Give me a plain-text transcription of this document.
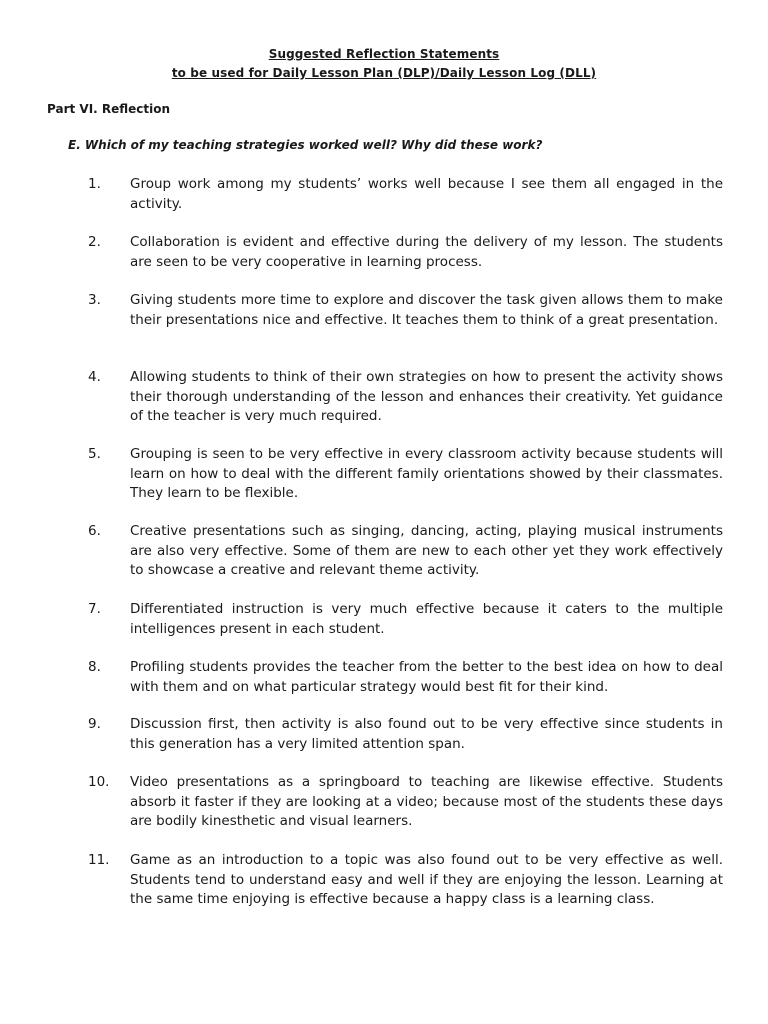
Suggested Reflection Statements
to be used for Daily Lesson Plan (DLP)/Daily Lesson Log (DLL)
Part VI. Reflection
E. Which of my teaching strategies worked well? Why did these work?
1.	Group work among my students’ works well because I see them all engaged in the activity.
2.	Collaboration is evident and effective during the delivery of my lesson. The students are seen to be very cooperative in learning process.
3.	Giving students more time to explore and discover the task given allows them to make their presentations nice and effective. It teaches them to think of a great presentation.
4.	Allowing students to think of their own strategies on how to present the activity shows their thorough understanding of the lesson and enhances their creativity. Yet guidance of the teacher is very much required.
5.	Grouping is seen to be very effective in every classroom activity because students will learn on how to deal with the different family orientations showed by their classmates. They learn to be flexible.
6.	Creative presentations such as singing, dancing, acting, playing musical instruments are also very effective. Some of them are new to each other yet they work effectively to showcase a creative and relevant theme activity.
7.	Differentiated instruction is very much effective because it caters to the multiple intelligences present in each student.
8.	Profiling students provides the teacher from the better to the best idea on how to deal with them and on what particular strategy would best fit for their kind.
9.	Discussion first, then activity is also found out to be very effective since students in this generation has a very limited attention span.
10.	Video presentations as a springboard to teaching are likewise effective. Students absorb it faster if they are looking at a video; because most of the students these days are bodily kinesthetic and visual learners.
11.	Game as an introduction to a topic was also found out to be very effective as well. Students tend to understand easy and well if they are enjoying the lesson. Learning at the same time enjoying is effective because a happy class is a learning class.
